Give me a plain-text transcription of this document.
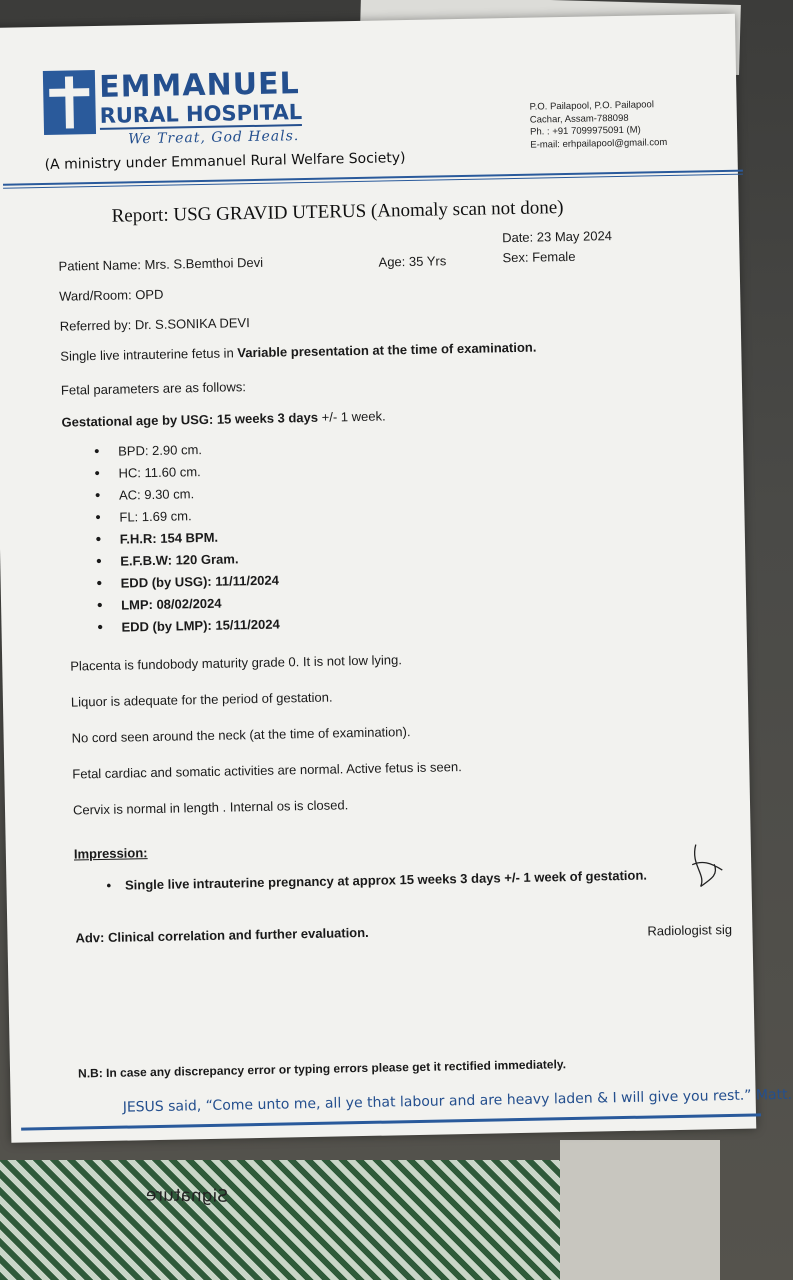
EMMANUEL
RURAL HOSPITAL
We Treat, God Heals.
(A ministry under Emmanuel Rural Welfare Society)
P.O. Pailapool, P.O. Pailapool
Cachar, Assam-788098
Ph. : +91 7099975091 (M)
E-mail: erhpailapool@gmail.com
Report: USG GRAVID UTERUS (Anomaly scan not done)
Date: 23 May 2024
Patient Name: Mrs. S.Bemthoi Devi	Age: 35 Yrs	Sex: Female
Ward/Room: OPD
Referred by: Dr. S.SONIKA DEVI
Single live intrauterine fetus in Variable presentation at the time of examination.
Fetal parameters are as follows:
Gestational age by USG: 15 weeks 3 days +/- 1 week.
• BPD: 2.90 cm.
• HC: 11.60 cm.
• AC: 9.30 cm.
• FL: 1.69 cm.
• F.H.R: 154 BPM.
• E.F.B.W: 120 Gram.
• EDD (by USG): 11/11/2024
• LMP: 08/02/2024
• EDD (by LMP): 15/11/2024
Placenta is fundobody maturity grade 0. It is not low lying.
Liquor is adequate for the period of gestation.
No cord seen around the neck (at the time of examination).
Fetal cardiac and somatic activities are normal. Active fetus is seen.
Cervix is normal in length . Internal os is closed.
Impression:
• Single live intrauterine pregnancy at approx 15 weeks 3 days +/- 1 week of gestation.
Adv: Clinical correlation and further evaluation.	Radiologist sig
N.B: In case any discrepancy error or typing errors please get it rectified immediately.
JESUS said, “Come unto me, all ye that labour and are heavy laden & I will give you rest.” Matt.
Signature
